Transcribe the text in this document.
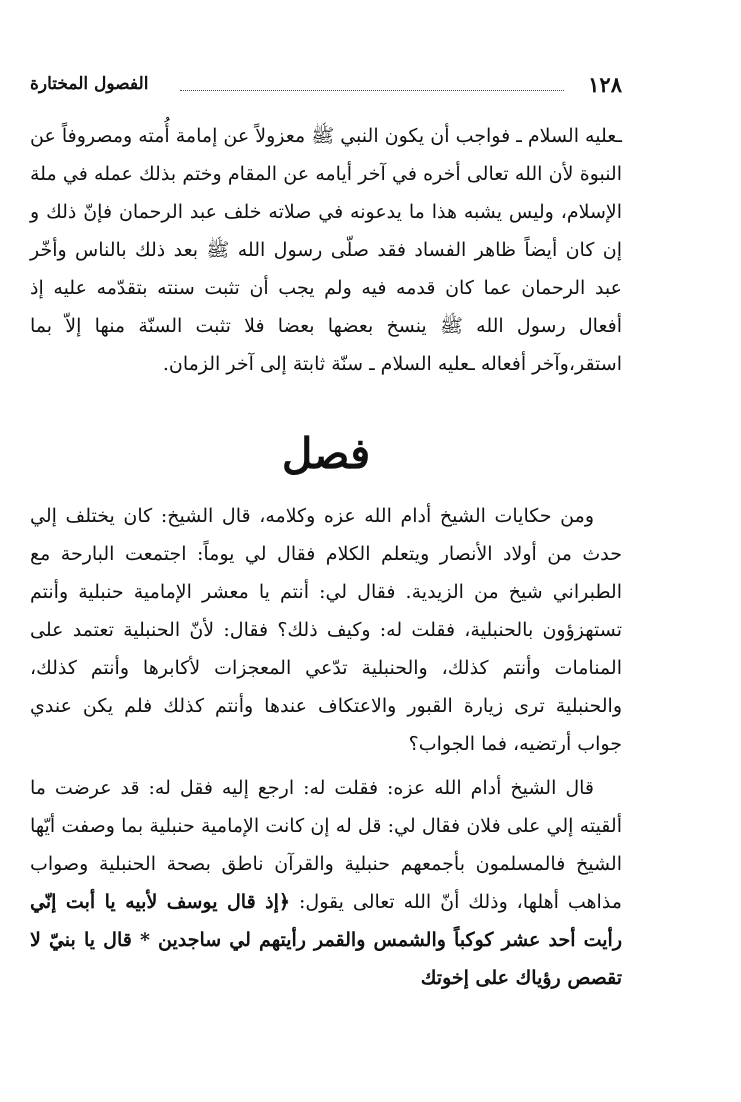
١٢٨
الفصول المختارة

ـعليه السلام ـ فواجب أن يكون النبي ﷺ معزولاً عن إمامة أُمته ومصروفاً عن النبوة لأن الله تعالى أخره في آخر أيامه عن المقام وختم بذلك عمله في ملة الإسلام، وليس يشبه هذا ما يدعونه في صلاته خلف عبد الرحمان فإنّ ذلك و إن كان أيضاً ظاهر الفساد فقد صلّى رسول الله ﷺ بعد ذلك بالناس وأخّر عبد الرحمان عما كان قدمه فيه ولم يجب أن تثبت سنته بتقدّمه عليه إذ أفعال رسول الله ﷺ ينسخ بعضها بعضا فلا تثبت السنّة منها إلاّ بما استقر،وآخر أفعاله ـعليه السلام ـ سنّة ثابتة إلى آخر الزمان.

فصل

ومن حكايات الشيخ أدام الله عزه وكلامه، قال الشيخ: كان يختلف إلي حدث من أولاد الأنصار ويتعلم الكلام فقال لي يوماً: اجتمعت البارحة مع الطبراني شيخ من الزيدية. فقال لي: أنتم يا معشر الإمامية حنبلية وأنتم تستهزؤون بالحنبلية، فقلت له: وكيف ذلك؟ فقال: لأنّ الحنبلية تعتمد على المنامات وأنتم كذلك، والحنبلية تدّعي المعجزات لأكابرها وأنتم كذلك، والحنبلية ترى زيارة القبور والاعتكاف عندها وأنتم كذلك فلم يكن عندي جواب أرتضيه، فما الجواب؟

قال الشيخ أدام الله عزه: فقلت له: ارجع إليه فقل له: قد عرضت ما ألقيته إلي على فلان فقال لي: قل له إن كانت الإمامية حنبلية بما وصفت أيّها الشيخ فالمسلمون بأجمعهم حنبلية والقرآن ناطق بصحة الحنبلية وصواب مذاهب أهلها، وذلك أنّ الله تعالى يقول: ﴿إذ قال يوسف لأبيه يا أبت إنّي رأيت أحد عشر كوكباً والشمس والقمر رأيتهم لي ساجدين * قال يا بنيّ لا تقصص رؤياك على إخوتك
